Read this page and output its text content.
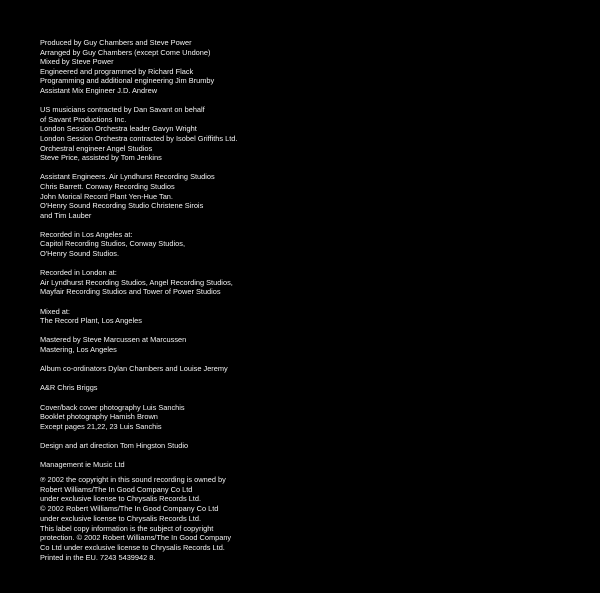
Produced by Guy Chambers and Steve Power
Arranged by Guy Chambers (except Come Undone)
Mixed by Steve Power
Engineered and programmed by Richard Flack
Programming and additional engineering Jim Brumby
Assistant Mix Engineer J.D. Andrew
US musicians contracted by Dan Savant on behalf
of Savant Productions Inc.
London Session Orchestra leader Gavyn Wright
London Session Orchestra contracted by Isobel Griffiths Ltd.
Orchestral engineer Angel Studios
Steve Price, assisted by Tom Jenkins
Assistant Engineers. Air Lyndhurst Recording Studios
Chris Barrett. Conway Recording Studios
John Morical Record Plant Yen-Hue Tan.
O'Henry Sound Recording Studio Christene Sirois
and Tim Lauber
Recorded in Los Angeles at:
Capitol Recording Studios, Conway Studios,
O'Henry Sound Studios.
Recorded in London at:
Air Lyndhurst Recording Studios, Angel Recording Studios,
Mayfair Recording Studios and Tower of Power Studios
Mixed at:
The Record Plant, Los Angeles
Mastered by Steve Marcussen at Marcussen
Mastering, Los Angeles
Album co-ordinators Dylan Chambers and Louise Jeremy
A&R Chris Briggs
Cover/back cover photography Luis Sanchis
Booklet photography Hamish Brown
Except pages 21,22, 23 Luis Sanchis
Design and art direction Tom Hingston Studio
Management ie Music Ltd
℗ 2002 the copyright in this sound recording is owned by
Robert Williams/The In Good Company Co Ltd
under exclusive license to Chrysalis Records Ltd.
© 2002 Robert Williams/The In Good Company Co Ltd
under exclusive license to Chrysalis Records Ltd.
This label copy information is the subject of copyright
protection. © 2002 Robert Williams/The In Good Company
Co Ltd under exclusive license to Chrysalis Records Ltd.
Printed in the EU. 7243 5439942 8.
